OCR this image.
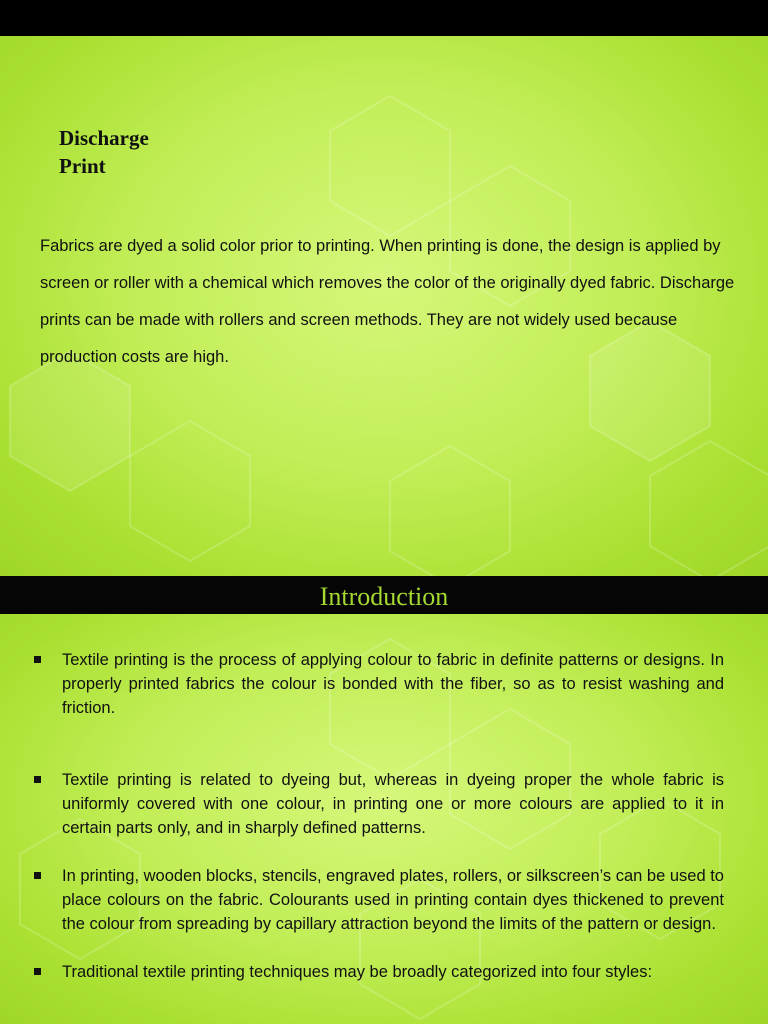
Discharge
Print
Fabrics are dyed a solid color prior to printing. When printing is done, the design is applied by screen or roller with a chemical which removes the color of the originally dyed fabric. Discharge prints can be made with rollers and screen methods. They are not widely used because production costs are high.
Introduction
Textile printing is the process of applying colour to fabric in definite patterns or designs. In properly printed fabrics the colour is bonded with the fiber, so as to resist washing and friction.
Textile printing is related to dyeing but, whereas in dyeing proper the whole fabric is uniformly covered with one colour, in printing one or more colours are applied to it in certain parts only, and in sharply defined patterns.
In printing, wooden blocks, stencils, engraved plates, rollers, or silkscreen’s can be used to place colours on the fabric. Colourants used in printing contain dyes thickened to prevent the colour from spreading by capillary attraction beyond the limits of the pattern or design.
Traditional textile printing techniques may be broadly categorized into four styles:
